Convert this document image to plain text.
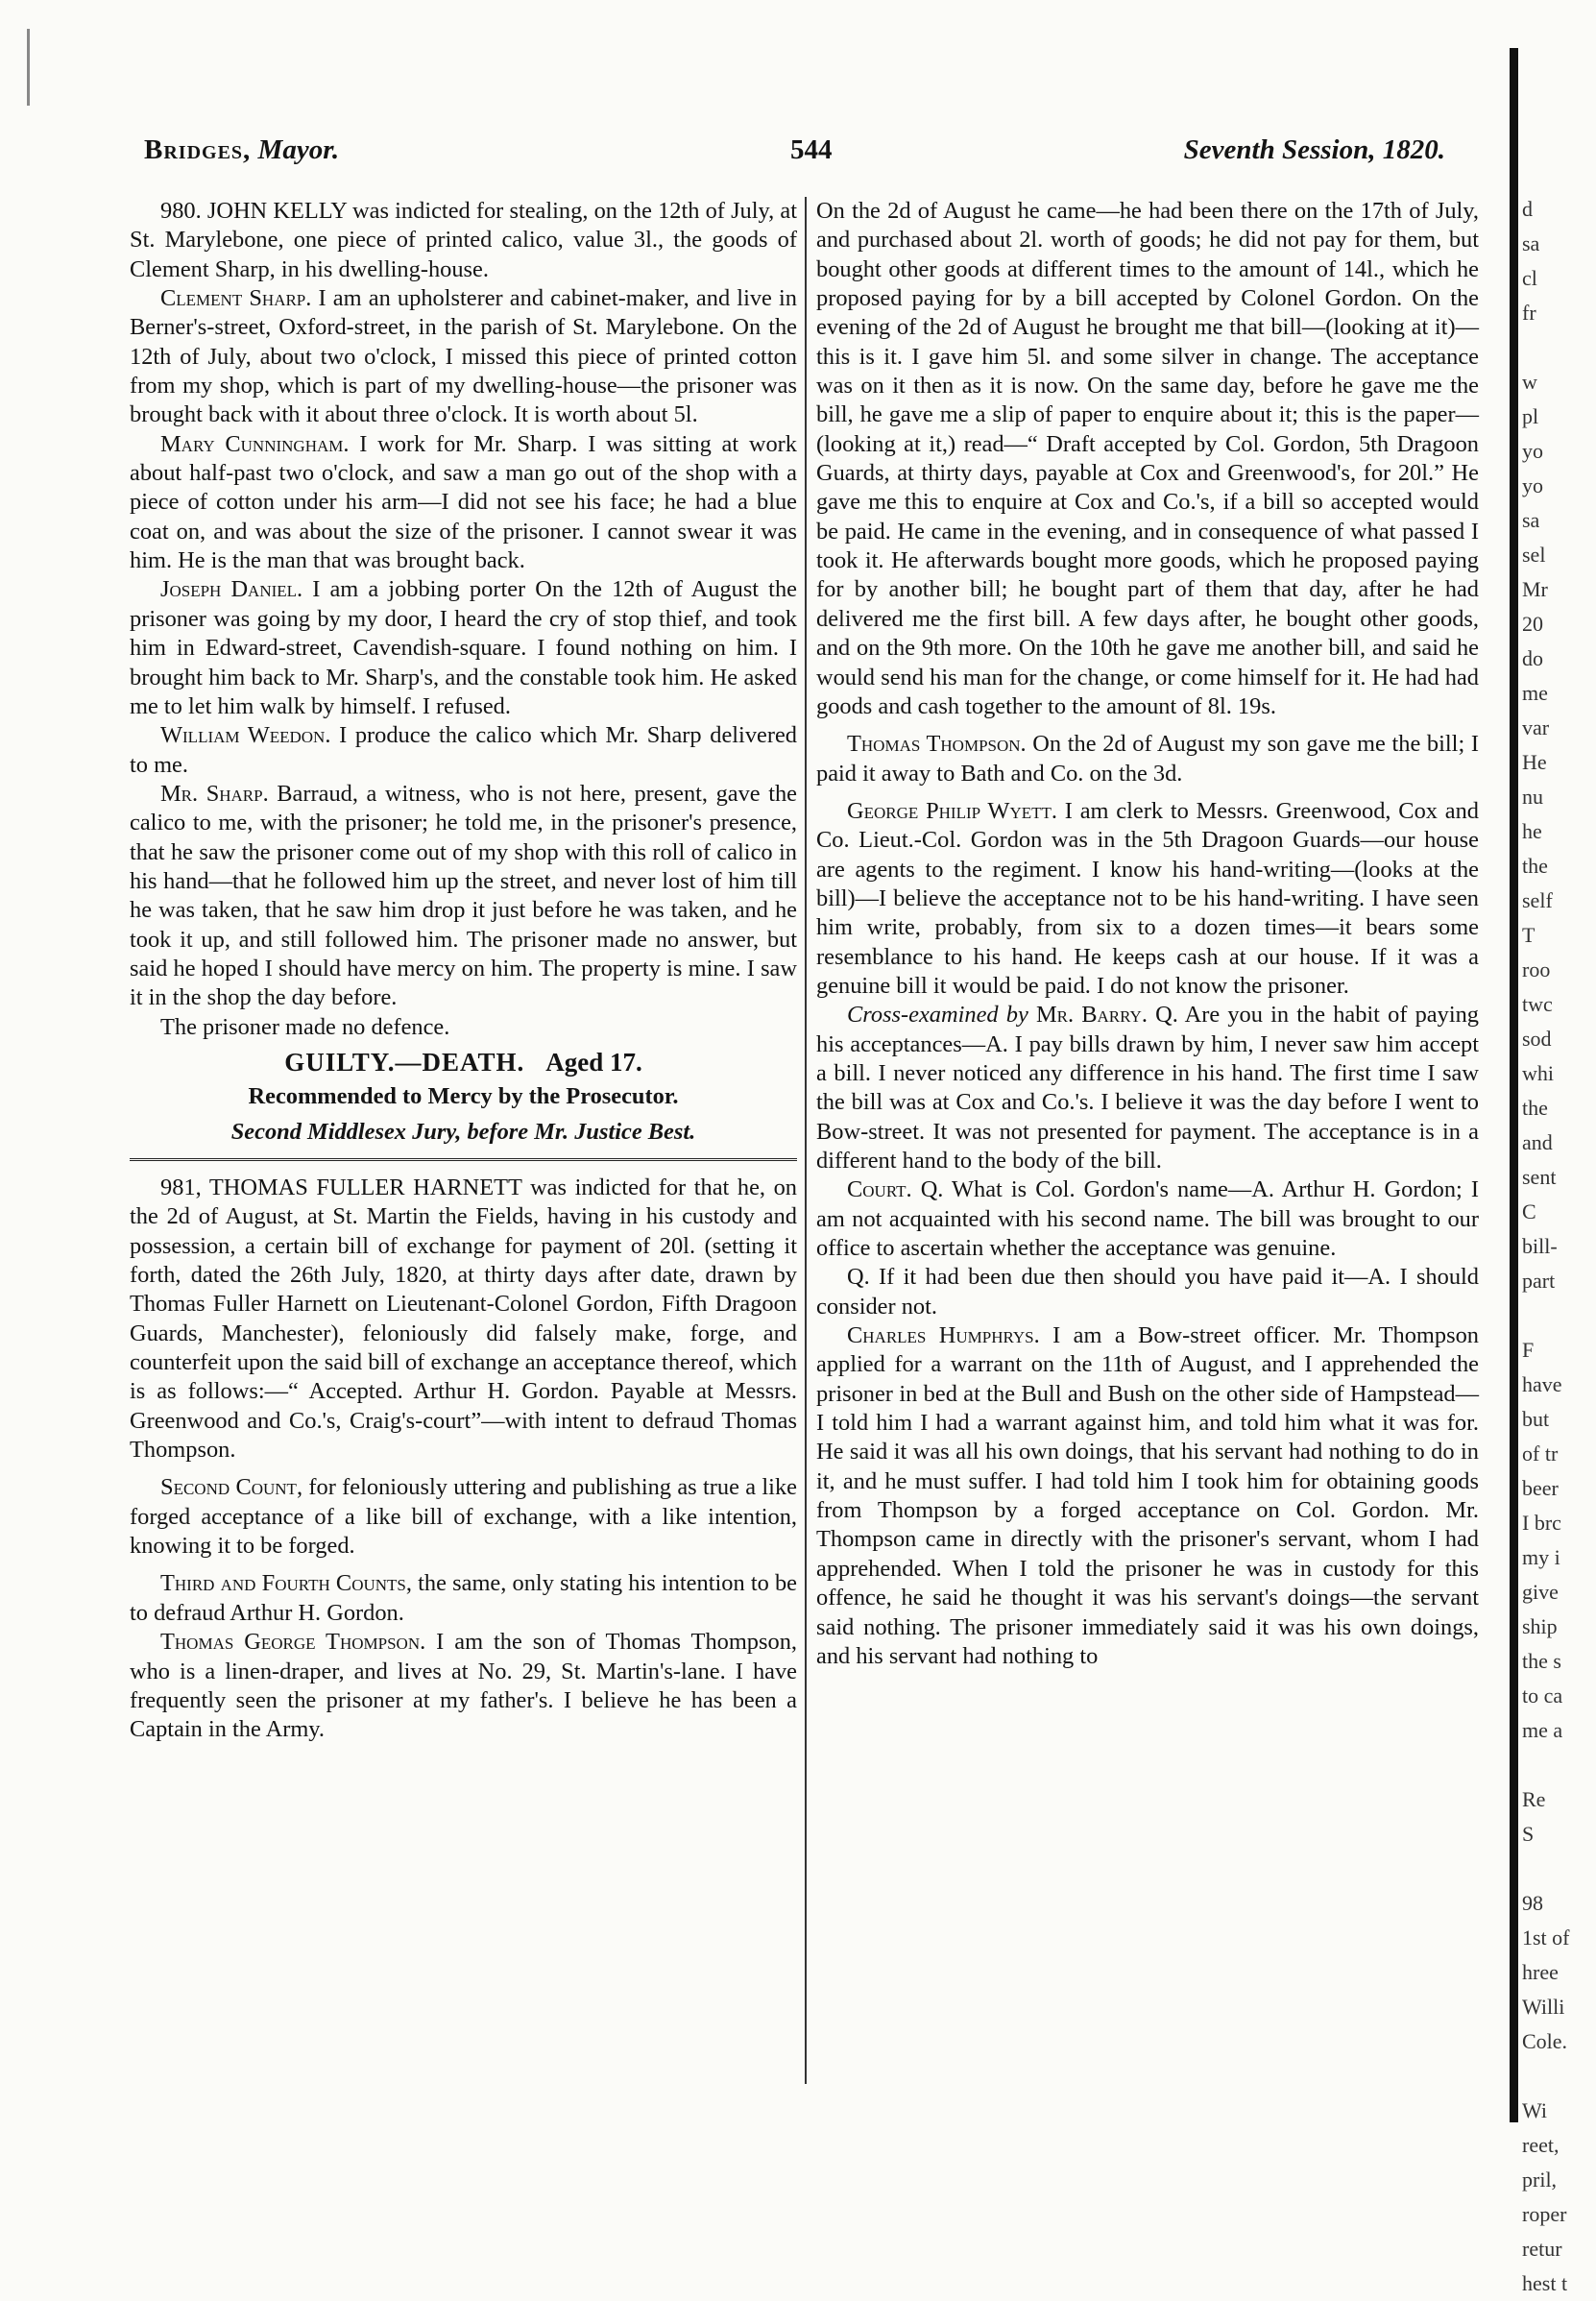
Bridges, Mayor.	544	Seventh Session, 1820.

980. JOHN KELLY was indicted for stealing, on the 12th of July, at St. Marylebone, one piece of printed calico, value 3l., the goods of Clement Sharp, in his dwelling-house.

Clement Sharp. I am an upholsterer and cabinet-maker, and live in Berner's-street, Oxford-street, in the parish of St. Marylebone. On the 12th of July, about two o'clock, I missed this piece of printed cotton from my shop, which is part of my dwelling-house—the prisoner was brought back with it about three o'clock. It is worth about 5l.

Mary Cunningham. I work for Mr. Sharp. I was sitting at work about half-past two o'clock, and saw a man go out of the shop with a piece of cotton under his arm—I did not see his face; he had a blue coat on, and was about the size of the prisoner. I cannot swear it was him. He is the man that was brought back.

Joseph Daniel. I am a jobbing porter On the 12th of August the prisoner was going by my door, I heard the cry of stop thief, and took him in Edward-street, Cavendish-square. I found nothing on him. I brought him back to Mr. Sharp's, and the constable took him. He asked me to let him walk by himself. I refused.

William Weedon. I produce the calico which Mr. Sharp delivered to me.

Mr. Sharp. Barraud, a witness, who is not here, present, gave the calico to me, with the prisoner; he told me, in the prisoner's presence, that he saw the prisoner come out of my shop with this roll of calico in his hand—that he followed him up the street, and never lost of him till he was taken, that he saw him drop it just before he was taken, and he took it up, and still followed him. The prisoner made no answer, but said he hoped I should have mercy on him. The property is mine. I saw it in the shop the day before.

The prisoner made no defence.

GUILTY.—DEATH. Aged 17.
Recommended to Mercy by the Prosecutor.
Second Middlesex Jury, before Mr. Justice Best.

981, THOMAS FULLER HARNETT was indicted for that he, on the 2d of August, at St. Martin the Fields, having in his custody and possession, a certain bill of exchange for payment of 20l. (setting it forth, dated the 26th July, 1820, at thirty days after date, drawn by Thomas Fuller Harnett on Lieutenant-Colonel Gordon, Fifth Dragoon Guards, Manchester), feloniously did falsely make, forge, and counterfeit upon the said bill of exchange an acceptance thereof, which is as follows:—“ Accepted. Arthur H. Gordon. Payable at Messrs. Greenwood and Co.'s, Craig's-court”—with intent to defraud Thomas Thompson.

Second Count, for feloniously uttering and publishing as true a like forged acceptance of a like bill of exchange, with a like intention, knowing it to be forged.

Third and Fourth Counts, the same, only stating his intention to be to defraud Arthur H. Gordon.

Thomas George Thompson. I am the son of Thomas Thompson, who is a linen-draper, and lives at No. 29, St. Martin's-lane. I have frequently seen the prisoner at my father's. I believe he has been a Captain in the Army.

On the 2d of August he came—he had been there on the 17th of July, and purchased about 2l. worth of goods; he did not pay for them, but bought other goods at different times to the amount of 14l., which he proposed paying for by a bill accepted by Colonel Gordon. On the evening of the 2d of August he brought me that bill—(looking at it)—this is it. I gave him 5l. and some silver in change. The acceptance was on it then as it is now. On the same day, before he gave me the bill, he gave me a slip of paper to enquire about it; this is the paper—(looking at it,) read—“ Draft accepted by Col. Gordon, 5th Dragoon Guards, at thirty days, payable at Cox and Greenwood's, for 20l.” He gave me this to enquire at Cox and Co.'s, if a bill so accepted would be paid. He came in the evening, and in consequence of what passed I took it. He afterwards bought more goods, which he proposed paying for by another bill; he bought part of them that day, after he had delivered me the first bill. A few days after, he bought other goods, and on the 9th more. On the 10th he gave me another bill, and said he would send his man for the change, or come himself for it. He had had goods and cash together to the amount of 8l. 19s.

Thomas Thompson. On the 2d of August my son gave me the bill; I paid it away to Bath and Co. on the 3d.

George Philip Wyett. I am clerk to Messrs. Greenwood, Cox and Co. Lieut.-Col. Gordon was in the 5th Dragoon Guards—our house are agents to the regiment. I know his hand-writing—(looks at the bill)—I believe the acceptance not to be his hand-writing. I have seen him write, probably, from six to a dozen times—it bears some resemblance to his hand. He keeps cash at our house. If it was a genuine bill it would be paid. I do not know the prisoner.

Cross-examined by Mr. Barry. Q. Are you in the habit of paying his acceptances—A. I pay bills drawn by him, I never saw him accept a bill. I never noticed any difference in his hand. The first time I saw the bill was at Cox and Co.'s. I believe it was the day before I went to Bow-street. It was not presented for payment. The acceptance is in a different hand to the body of the bill.

Court. Q. What is Col. Gordon's name—A. Arthur H. Gordon; I am not acquainted with his second name. The bill was brought to our office to ascertain whether the acceptance was genuine.

Q. If it had been due then should you have paid it—A. I should consider not.

Charles Humphrys. I am a Bow-street officer. Mr. Thompson applied for a warrant on the 11th of August, and I apprehended the prisoner in bed at the Bull and Bush on the other side of Hampstead—I told him I had a warrant against him, and told him what it was for. He said it was all his own doings, that his servant had nothing to do in it, and he must suffer. I had told him I took him for obtaining goods from Thompson by a forged acceptance on Col. Gordon. Mr. Thompson came in directly with the prisoner's servant, whom I had apprehended. When I told the prisoner he was in custody for this offence, he said he thought it was his servant's doings—the servant said nothing. The prisoner immediately said it was his own doings, and his servant had nothing to

d
sa
cl
fr

w
pl
yo
yo
sa
sel
Mr
20
do
me
var
He
nu
he
the
self
T
roo
twc
sod
whi
the
and
sent
C
bill-
part

F
have
but
of tr
beer
I brc
my i
give
ship
the s
to ca
me a

Re
S

98
1st of
hree
Willi
Cole.

Wi
reet,
pril,
roper
retur
hest t
